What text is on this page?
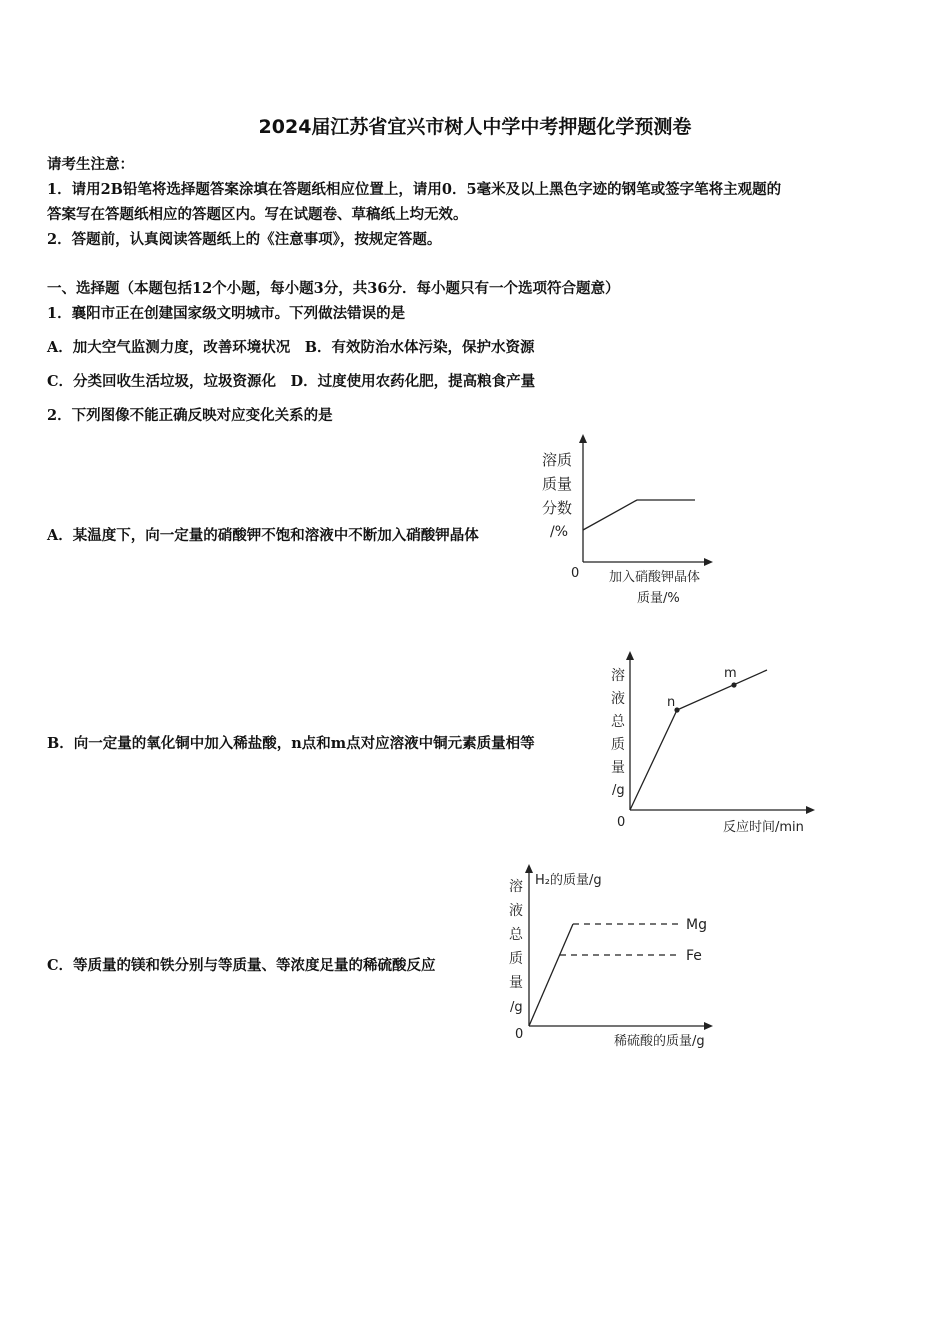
2024届江苏省宜兴市树人中学中考押题化学预测卷
请考生注意：
1．请用2B铅笔将选择题答案涂填在答题纸相应位置上，请用0．5毫米及以上黑色字迹的钢笔或签字笔将主观题的
答案写在答题纸相应的答题区内。写在试题卷、草稿纸上均无效。
2．答题前，认真阅读答题纸上的《注意事项》，按规定答题。
一、选择题（本题包括12个小题，每小题3分，共36分．每小题只有一个选项符合题意）
1．襄阳市正在创建国家级文明城市。下列做法错误的是
A．加大空气监测力度，改善环境状况　B．有效防治水体污染，保护水资源
C．分类回收生活垃圾，垃圾资源化　D．过度使用农药化肥，提高粮食产量
2．下列图像不能正确反映对应变化关系的是
A．某温度下，向一定量的硝酸钾不饱和溶液中不断加入硝酸钾晶体
B．向一定量的氧化铜中加入稀盐酸，n点和m点对应溶液中铜元素质量相等
C．等质量的镁和铁分别与等质量、等浓度足量的稀硫酸反应
溶质
质量
分数
/%
0 加入硝酸钾晶体
质量/%
n
m
溶
液
总
质
量
/g
0	反应时间/min
H₂的质量/g
Mg
Fe
溶
液
总
质
量
/g
0	稀硫酸的质量/g
